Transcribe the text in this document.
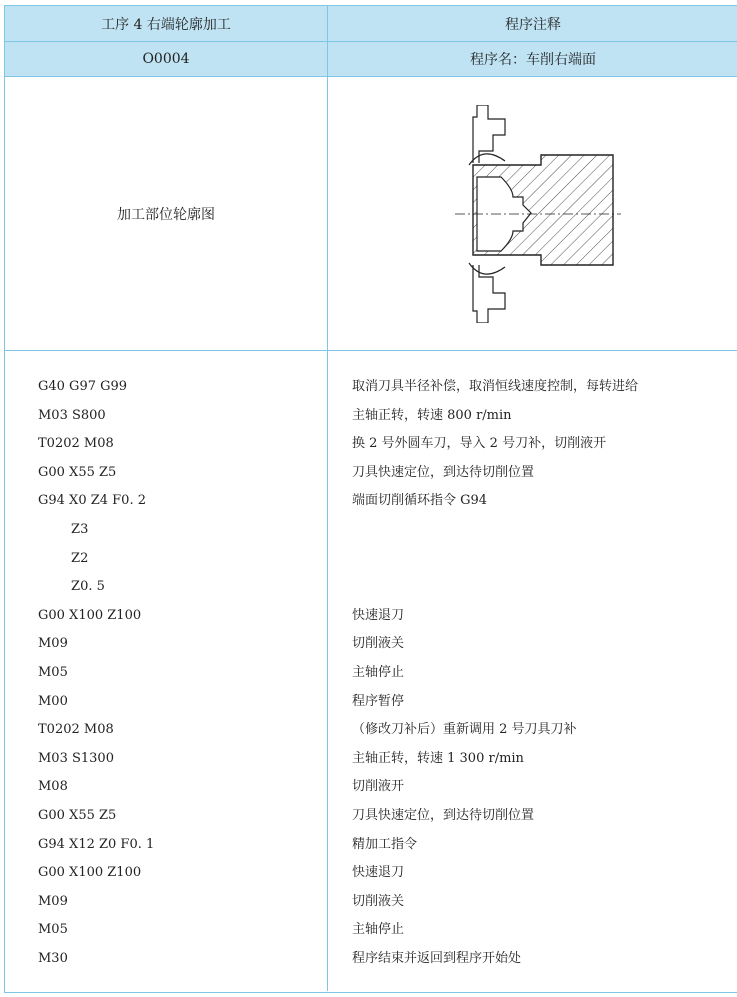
工序 4 右端轮廓加工	程序注释
O0004	程序名：车削右端面
加工部位轮廓图
G40 G97 G99	取消刀具半径补偿，取消恒线速度控制，每转进给
M03 S800	主轴正转，转速 800 r/min
T0202 M08	换 2 号外圆车刀，导入 2 号刀补，切削液开
G00 X55 Z5	刀具快速定位，到达待切削位置
G94 X0 Z4 F0. 2	端面切削循环指令 G94
Z3
Z2
Z0. 5
G00 X100 Z100	快速退刀
M09	切削液关
M05	主轴停止
M00	程序暂停
T0202 M08	（修改刀补后）重新调用 2 号刀具刀补
M03 S1300	主轴正转，转速 1 300 r/min
M08	切削液开
G00 X55 Z5	刀具快速定位，到达待切削位置
G94 X12 Z0 F0. 1	精加工指令
G00 X100 Z100	快速退刀
M09	切削液关
M05	主轴停止
M30	程序结束并返回到程序开始处
